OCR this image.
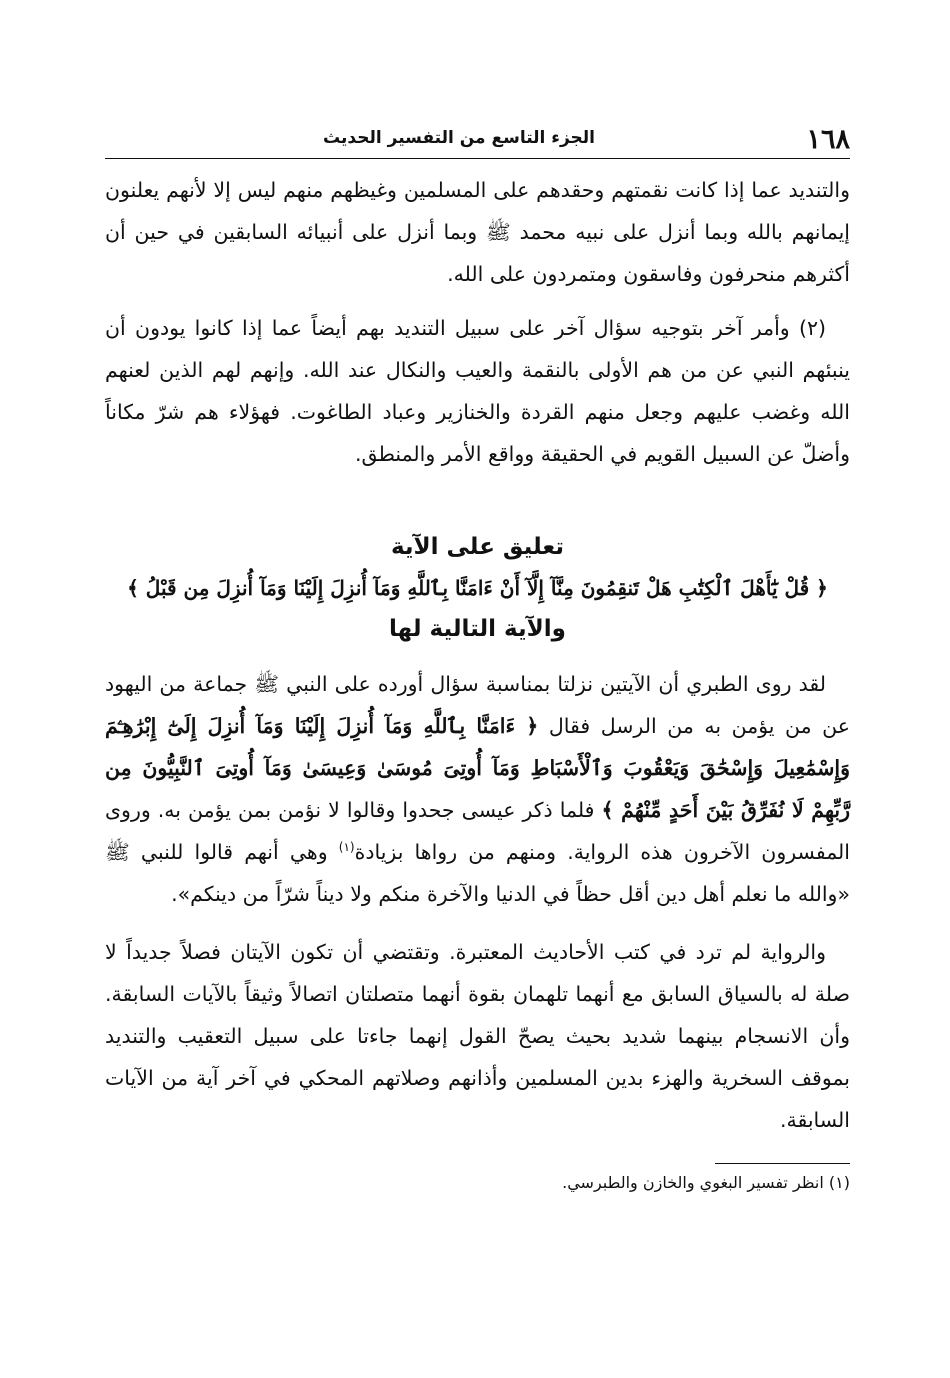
١٦٨
الجزء التاسع من التفسير الحديث

والتنديد عما إذا كانت نقمتهم وحقدهم على المسلمين وغيظهم منهم ليس إلا لأنهم يعلنون إيمانهم بالله وبما أنزل على نبيه محمد ﷺ وبما أنزل على أنبيائه السابقين في حين أن أكثرهم منحرفون وفاسقون ومتمردون على الله.

(٢) وأمر آخر بتوجيه سؤال آخر على سبيل التنديد بهم أيضاً عما إذا كانوا يودون أن ينبئهم النبي عن من هم الأولى بالنقمة والعيب والنكال عند الله. وإنهم لهم الذين لعنهم الله وغضب عليهم وجعل منهم القردة والخنازير وعباد الطاغوت. فهؤلاء هم شرّ مكاناً وأضلّ عن السبيل القويم في الحقيقة وواقع الأمر والمنطق.

تعليق على الآية

﴿ قُلْ يَٰٓأَهْلَ ٱلْكِتَٰبِ هَلْ تَنقِمُونَ مِنَّآ إِلَّآ أَنْ ءَامَنَّا بِٱللَّهِ وَمَآ أُنزِلَ إِلَيْنَا وَمَآ أُنزِلَ مِن قَبْلُ ﴾

والآية التالية لها

لقد روى الطبري أن الآيتين نزلتا بمناسبة سؤال أورده على النبي ﷺ جماعة من اليهود عن من يؤمن به من الرسل فقال ﴿ ءَامَنَّا بِٱللَّهِ وَمَآ أُنزِلَ إِلَيْنَا وَمَآ أُنزِلَ إِلَىٰٓ إِبْرَٰهِـۧمَ وَإِسْمَٰعِيلَ وَإِسْحَٰقَ وَيَعْقُوبَ وَٱلْأَسْبَاطِ وَمَآ أُوتِىَ مُوسَىٰ وَعِيسَىٰ وَمَآ أُوتِىَ ٱلنَّبِيُّونَ مِن رَّبِّهِمْ لَا نُفَرِّقُ بَيْنَ أَحَدٍ مِّنْهُمْ ﴾ فلما ذكر عيسى جحدوا وقالوا لا نؤمن بمن يؤمن به. وروى المفسرون الآخرون هذه الرواية. ومنهم من رواها بزيادة$^{(١)}$ وهي أنهم قالوا للنبي ﷺ «والله ما نعلم أهل دين أقل حظاً في الدنيا والآخرة منكم ولا ديناً شرّاً من دينكم».

والرواية لم ترد في كتب الأحاديث المعتبرة. وتقتضي أن تكون الآيتان فصلاً جديداً لا صلة له بالسياق السابق مع أنهما تلهمان بقوة أنهما متصلتان اتصالاً وثيقاً بالآيات السابقة. وأن الانسجام بينهما شديد بحيث يصحّ القول إنهما جاءتا على سبيل التعقيب والتنديد بموقف السخرية والهزء بدين المسلمين وأذانهم وصلاتهم المحكي في آخر آية من الآيات السابقة.

(١) انظر تفسير البغوي والخازن والطبرسي.
